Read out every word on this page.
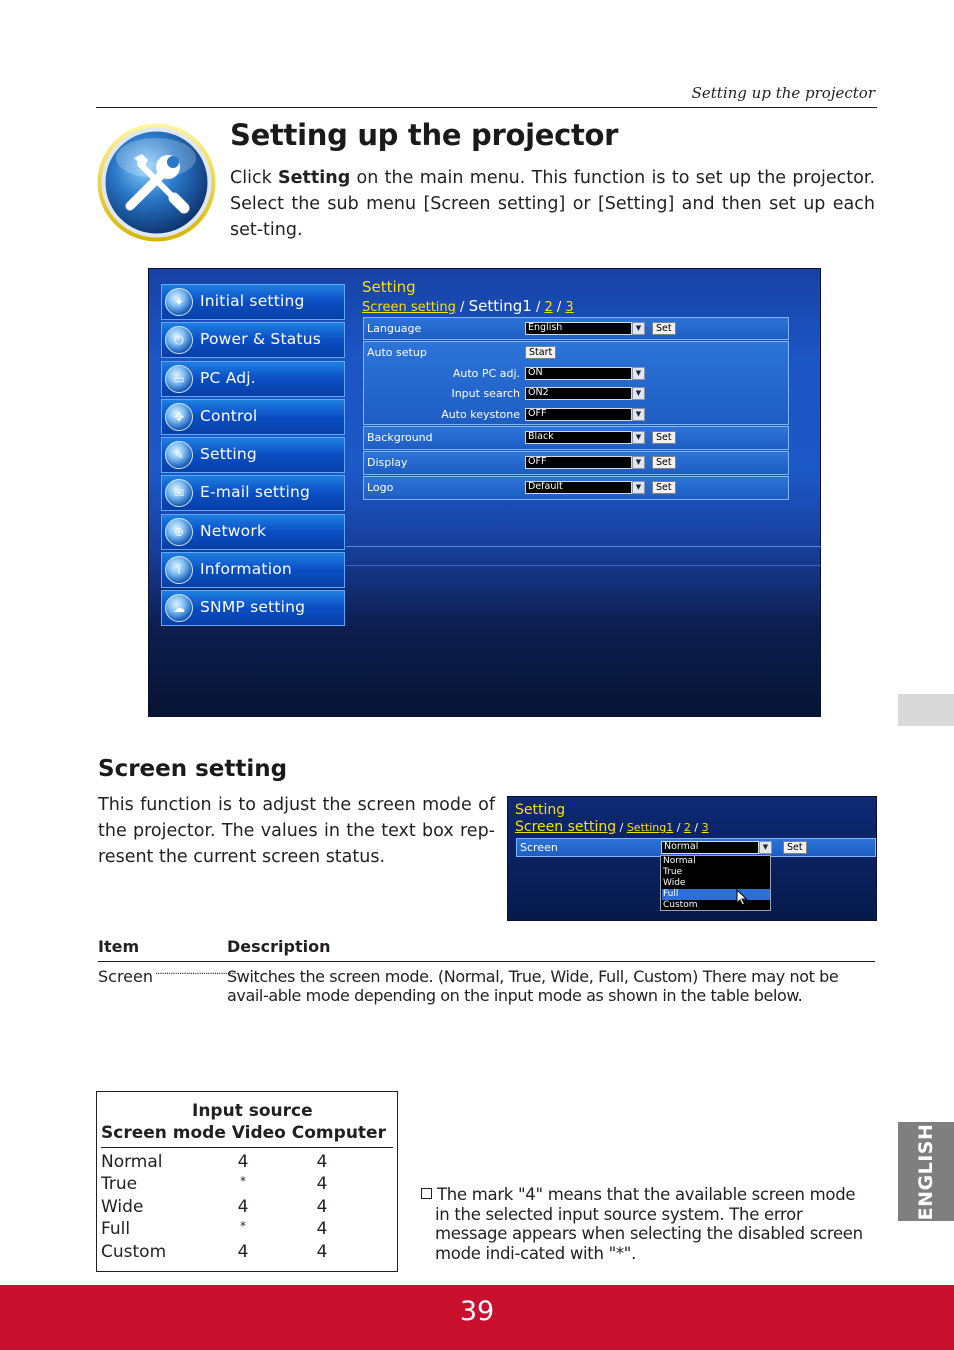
Setting up the projector
Setting up the projector
Click Setting on the main menu. This function is to set up the projector. Select the sub menu [Screen setting] or [Setting] and then set up each set-ting.
✦	Initial setting
⏻	Power & Status
▭ PC Adj.
✥	Control
✎	Setting
✉	E-mail setting
⊕	Network
i	Information
☁ SNMP setting
Setting
Screen setting / Setting1 / 2 / 3
Language	English	▼	Set
Auto setup	Start
Auto PC adj. ON	▼
Input search ON2	▼
Auto keystone OFF	▼
Background	Black	▼	Set
Display	OFF	▼	Set
Logo	Default	▼	Set
Screen setting
This function is to adjust the screen mode of the projector. The values in the text box rep-resent the current screen status.
Setting
Screen setting / Setting1 / 2 / 3
Screen	Normal	▼	Set
Normal
True
Wide
Full
Custom
Item	Description
Screen ......................................
Switches the screen mode. (Normal, True, Wide, Full, Custom) There may not be avail-able mode depending on the input mode as shown in the table below.
Input source
Screen mode Video Computer
Normal	4	4
True	*	4
Wide	4	4
Full	*	4
Custom	4	4
The mark "4" means that the available screen mode in the selected input source system. The error message appears when selecting the disabled screen mode indi-cated with "*".
ENGLISH
39
